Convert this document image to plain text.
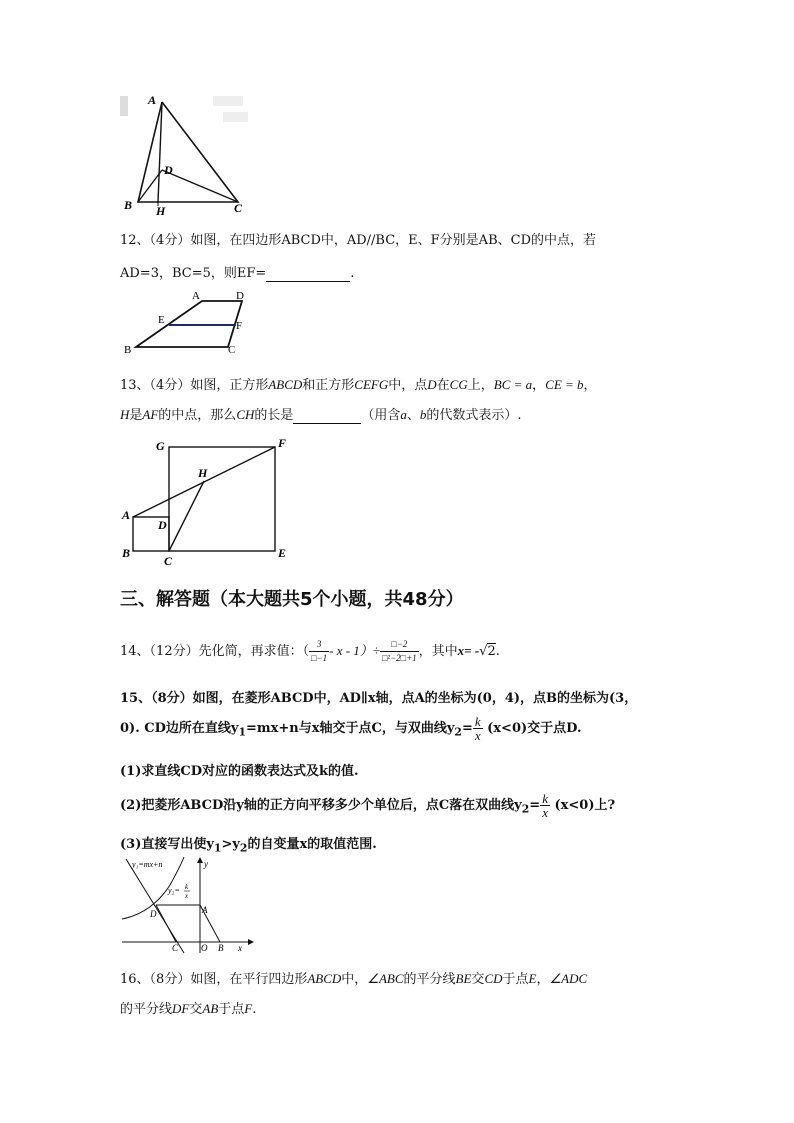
A
D
B H	C
12、（4分）如图，在四边形ABCD中，AD//BC，E、F分别是AB、CD的中点，若
AD=3，BC=5，则EF=	.
A	D
E	F
B	C
13、（4分）如图，正方形ABCD和正方形CEFG中，点D在CG上，BC = a，CE = b，
H是AF的中点，那么CH的长是	（用含a、b的代数式表示）.
G	F
H
A
D
B
C
E
三、解答题（本大题共5个小题，共48分）
14、（12分）先化简，再求值：（ $\frac{3}{□-1} - x - 1)\div \frac{□-2}{\text{□²−2□+1}}$ ，其中x= -√2.
15、（8分）如图，在菱形ABCD中，AD∥x轴，点A的坐标为(0，4)，点B的坐标为(3，
0). CD边所在直线$y_1=mx+n$与x轴交于点C，与双曲线$y_2= \frac{k}{x} (x<0)$交于点D.
(1)求直线CD对应的函数表达式及k的值.
(2)把菱形ABCD沿y轴的正方向平移多少个单位后，点C落在双曲线$y_2= \frac{k}{x} (x<0)$上?
(3)直接写出使$y_1>y_2$的自变量x的取值范围.
y₁=mx+n
y₂= k
x
y
A
D
C	O B x
16、（8分）如图，在平行四边形ABCD中，∠ABC的平分线BE交CD于点E，∠ADC
的平分线DF交AB于点F.
